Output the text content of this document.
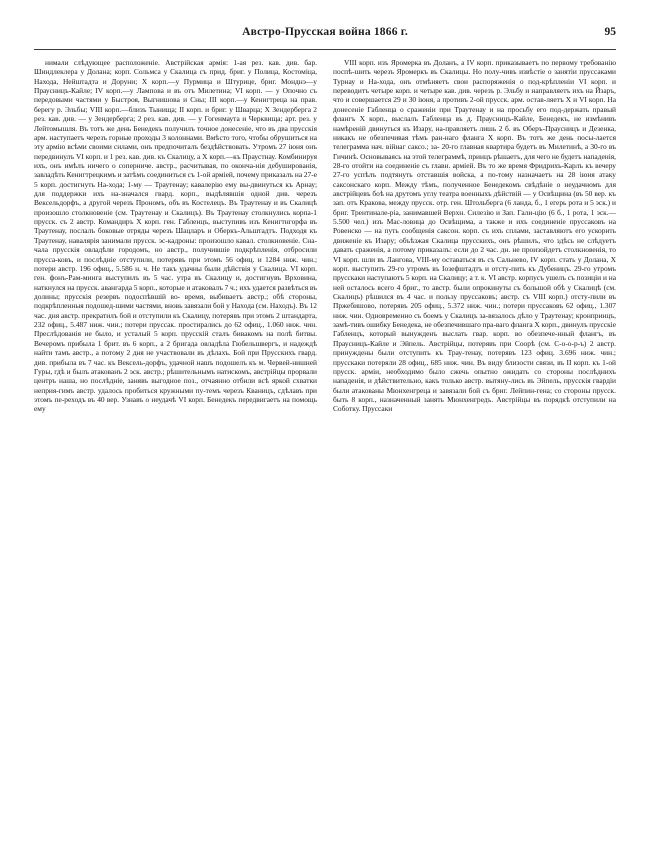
Австро-Прусская война 1866 г.	95

нимали слѣдующее расположеніе. Австрійская армія: 1-ая рез. кав. див. бар. Шиндлеклера у Долана; корп. Сольмса у Скалица съ прид. бриг. у Полица, Костоміца, Находа, Нейштадта и Доруни; X корп.—у Пурмица и Штурице, бриг. Монднэ—у Праусницъ-Кайле; IV корп.—у Лампова и въ отъ Милетина; VI корп. — у Опочно съ передовыми частями у Быстроя, Выгнишова и Сны; III корп.—у Кенигтреца на прав. берегу р. Эльбы; VIII корп.—близъ Тынища; II корп. и бриг. у Шварца; X Зендерберга 2 рез. кав. див. — у Зендерберга; 2 рез. кав. див. — у Гогенмаута и Черквищa; арт. рез. у Лейтомышля. Въ тотъ же день Бенедекъ получилъ точное донесеніе, что въ два прусскія арм. наступаетъ черезъ горные проходы 3 колоннами. Вмѣсто того, чтобы обрушиться на эту армію всѣми своими силами, онъ предпочиталъ бездѣйствовать. Утромъ 27 іюня онъ передвинулъ VI корп. и 1 рез. кав. див. къ Скалицу, а X корп.—къ Праустнау. Комбинируя ихъ, онъ имѣлъ ничего о соперниче. австр., расчитывая, по оконча-нія дебушированія, завладѣть Кенигтрецкимъ и затѣмъ соединиться съ 1-ой арміей, почему приказалъ на 27-е 5 корп. достигнуть На-хода; 1-му — Траутенау; кавалерію ему вы-двинуться къ Арнау; для поддержки ихъ на-значался гвард. корп., выдѣлявшія одной див. черезъ Вексельдорфъ, а другой черезъ Прономъ, объ въ Костелецъ. Въ Траутенау и въ Скалицѣ произошло столкновеніе (см. Траутенау и Скалицъ). Въ Траутенау столкнулись корпа-1 прусск. съ 2 австр. Командиръ X корп. ген. Габленцъ, выступивъ изъ Кенигтнгорфа въ Траутенау, послалъ боковые отряды черезъ Шацларъ и Оберкъ-Альштадтъ. Подходя къ Траутенау, навалярія занимали прусск. эс-кадроны: произошло кавал. столкновеніе. Сна-чала прусскія овладѣли городомъ, но австр., получившіе подкрѣпленія, отбросили прусса-ковъ, и послѣдніе отступили, потерявъ при этомъ 56 офиц. и 1284 ниж. чин.; потери австр. 196 офиц., 5.586 н. ч. Не такъ удачны были дѣйствія у Скалица. VI корп. ген. фонъ-Рам-минга выступилъ въ 5 час. утра въ Скалицу и, достигнувъ Врховина, наткнулся на прусск. авангарда 5 корп., которые и атаковалъ 7 ч.; ихъ удается развѣться въ долины; прусскія резервъ подоспѣвшій во- время, выбиваетъ австр.; обѣ стороны, подкрѣпленныя подошед-шими частями, вновь завязали бой у Находа (см. Находъ). Въ 12 час. дня австр. прекратилъ бой и отступили къ Скалицу, потерявъ при этомъ 2 штандарта, 232 офиц., 5.487 ниж. чин.; потери пруссак. простирались до 62 офиц., 1.060 ниж. чин. Преслѣдованія не было, и усталый 5 корп. прусскій сталъ бивакомъ на полѣ битвы. Вечеромъ прибыла 1 брит. въ 6 корп., а 2 бригада овладѣла Гюбельшвергъ, и надеждѣ найти тамъ австр., а потому 2 дня не участвовали въ дѣлахъ. Бой при Прусскихъ гвард. див. прибыла въ 7 час. къ Вексель-дорфъ, удачной нашъ подошелъ къ м. Червей-нишней Гуры, гдѣ и былъ атакованъ 2 эск. австр.; рѣшительнымъ натискомъ, австрійцы прорвали центръ наша, но послѣдніе, занявъ выгодное поз., отчаянно отбили всѣ яркой схватки неприя-гимъ австр. удалось пробиться кружными пу-темъ черезъ Кваницъ, сдѣлавъ при этомъ пе-реходъ въ 40 вер. Узнавъ о неудачѣ VI корп. Бенедекъ передвигаетъ на помощь ему

VIII корп. изъ Яромерка въ Доланъ, а IV корп. приказываетъ по первому требованію поспѣ-шить черезъ Яромеркъ въ Скалицы. Но полу-чивъ извѣстіе о занятіи пруссаками Турнау и На-хода, онъ отмѣняетъ свои распоряженія о под-крѣпленіи VI корп. и переводитъ четыре корп. и четыре кав. див. черезъ р. Эльбу и направляетъ ихъ на Йзаръ, что и совершается 29 и 30 іюня, а противъ 2-ой прусск. арм. остав-ляетъ X и VI корп. На донесеніе Габленца о сраженіи при Траутенау и на просьбу его под-держать правый флангъ X корп., выслалъ Габленца въ д. Праусницъ-Кайле, Бенедекъ, не измѣнивъ намѣреній двинуться къ Изару, на-правляетъ лишь 2 б. въ Оберъ-Праусницъ и Дезенка, никакъ не обезпечивая тѣмъ ран-наго фланга X корп. Въ тотъ же день посы-лается телеграмма нач. війнаг саксо.; за- 20-го главная квартира будетъ въ Милетинѣ, а 30-го въ Гичинѣ. Основываясь на этой телеграммѣ, принцъ рѣшаетъ, для чего не будетъ нападенія, 28-го отойти на соединеніе съ главн. арміей. Въ то же время Фридрихъ-Карлъ къ вечеру 27-го успѣлъ подтянуть отставшія войска, а по-тому назначаетъ на 28 іюня атаку саксонскаго корп. Между тѣмъ, полученное Бенедекомъ свѣдѣніе о неудачномъ для австрійцевъ боѣ на друтомъ углу театра военныхъ дѣйствій — у Освѣщина (въ 50 вер. къ зап. отъ Кракова, между прусск. отр. ген. Штольберга (6 ланда, б., 1 егерь рота и 5 эск.) и бриг. Трентинале-ріа, занимавшей Верхн. Силезію и Зап. Гали-цію (6 б., 1 рота, 1 эск.—5.500 чел.) изъ Мас-ловица до Освѣщима, а такжe и ихъ соединеніе пруссаковъ на Ровенско — на путь сообщенія саксон. корп. съ ихъ сплами, заставляютъ его ускорить движеніе къ Изару; объѣзжая Скалица прусскихъ, онъ рѣшилъ, что здѣсь не слѣдуетъ давать сраженія, а потому приказалъ: если до 2 час. дн. не произойдетъ столкновенія, то VI корп. шли въ Лангова, VIII-му оставаться въ съ Сальнево, IV корп. стать у Долана, X корп. выступить 29-го утромъ въ Іозефштадтъ и отсту-пить къ Дубеницъ. 29-го утромъ прусскаки наступаютъ 5 корп. на Скалицу; а т. к. VI австр. корпусъ ушелъ съ позиціи и на ней осталось всего 4 бриг., то австр. были опрокинуты съ большой обѣ у Скалицѣ (см. Скалицъ) рѣшился въ 4 час. и пользу пруссаковъ; австр. съ VIII корп.) отсту-пили въ Пржебишово, потерявъ 205 офиц., 5.372 ниж. чин.; потери пруссаковъ 62 офиц., 1.307 ниж. чин. Одновременно съ боемъ у Скалицъ за-вязалось дѣло у Траутенау; кронпринцъ, замѣ-тивъ ошибку Бенедека, не обезпечившаго пра-ваго фланга X корп., двинулъ прусскіе Габленцъ, который вынужденъ выслать гвар. корп. во обезпече-нный флангъ, въ Праусницъ-Кайле и Эйпель. Австрійцы, потерявъ при Соорѣ (см. С-о-о-р-ъ) 2 австр. принуждены были отступить къ Трау-тенау, потерявъ 123 офиц. 3.696 ниж. чин.; прусскаки потеряли 28 офиц., 685 ниж. чин. Въ виду близости связи, въ II корп. къ 1-ой прусск. арміи, необходимо было сжечь опытно ожидать со стороны послѣднихъ нападенія, и дѣйствительно, какъ только австр. вытяну-лись въ Эйпель, прусскія гвардіи были атакованы Мюнхенгреца и завязали бой съ бриг. Лейпин-гена; со стороны прусск. быть 8 корп., назначенный занять Мюнхенгредъ. Австрійцы въ порядкѣ отступили на Соботку. Пруссаки
